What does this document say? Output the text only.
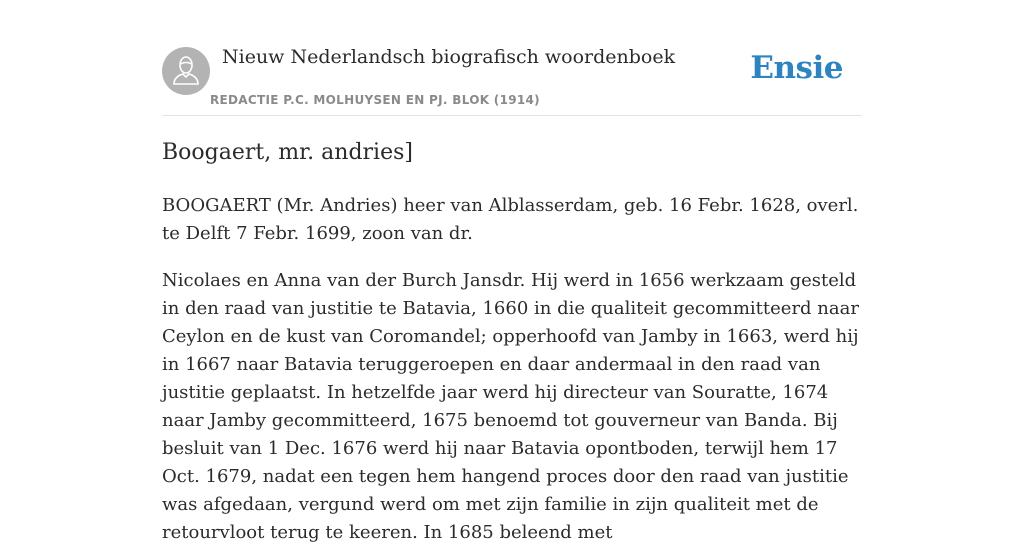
Nieuw Nederlandsch biografisch woordenboek
REDACTIE P.C. MOLHUYSEN EN PJ. BLOK (1914)
Ensie
Boogaert, mr. andries]

BOOGAERT (Mr. Andries) heer van Alblasserdam, geb. 16 Febr. 1628, overl. te Delft 7 Febr. 1699, zoon van dr.

Nicolaes en Anna van der Burch Jansdr. Hij werd in 1656 werkzaam gesteld in den raad van justitie te Batavia, 1660 in die qualiteit gecommitteerd naar Ceylon en de kust van Coromandel; opperhoofd van Jamby in 1663, werd hij in 1667 naar Batavia teruggeroepen en daar andermaal in den raad van justitie geplaatst. In hetzelfde jaar werd hij directeur van Souratte, 1674 naar Jamby gecommitteerd, 1675 benoemd tot gouverneur van Banda. Bij besluit van 1 Dec. 1676 werd hij naar Batavia opontboden, terwijl hem 17 Oct. 1679, nadat een tegen hem hangend proces door den raad van justitie was afgedaan, vergund werd om met zijn familie in zijn qualiteit met de retourvloot terug te keeren. In 1685 beleend met
